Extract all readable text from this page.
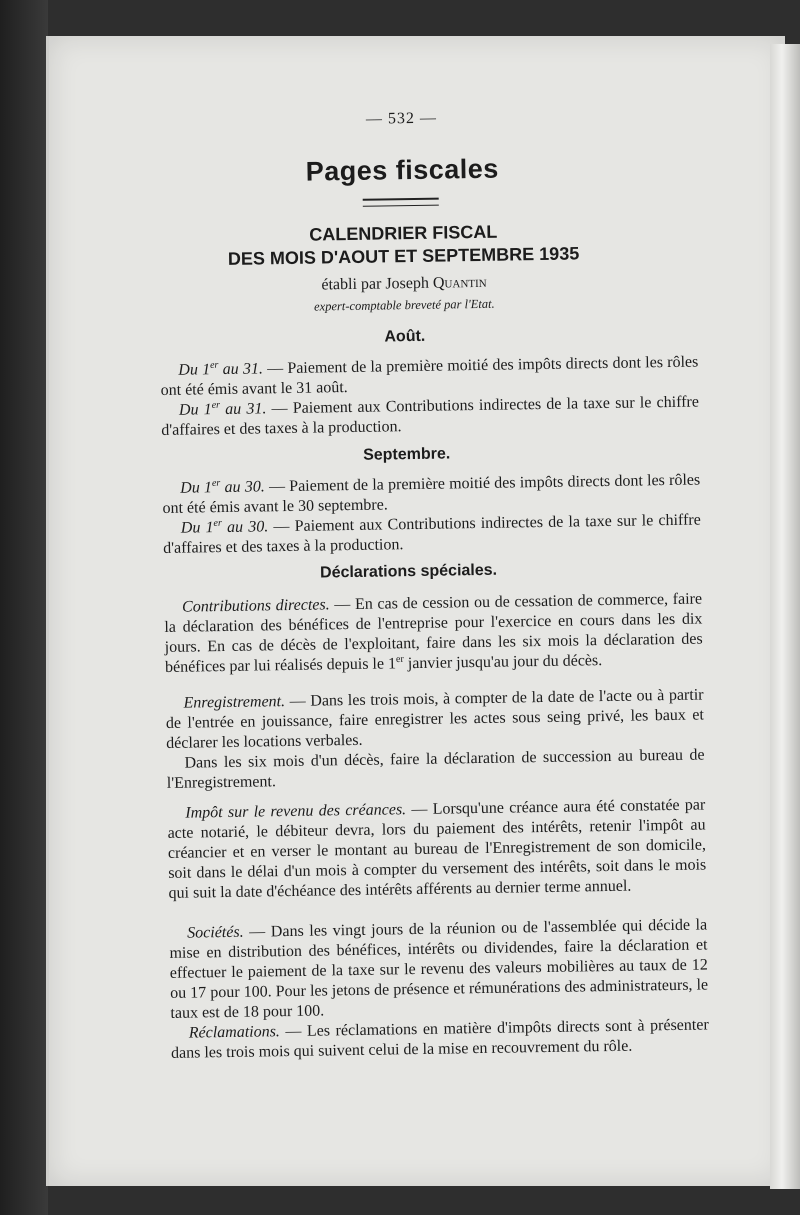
— 532 —
Pages fiscales
CALENDRIER FISCAL
DES MOIS D'AOUT ET SEPTEMBRE 1935
établi par Joseph Quantin
expert-comptable breveté par l'Etat.
Août.
Du 1er au 31. — Paiement de la première moitié des impôts directs dont les rôles ont été émis avant le 31 août.
Du 1er au 31. — Paiement aux Contributions indirectes de la taxe sur le chiffre d'affaires et des taxes à la production.
Septembre.
Du 1er au 30. — Paiement de la première moitié des impôts directs dont les rôles ont été émis avant le 30 septembre.
Du 1er au 30. — Paiement aux Contributions indirectes de la taxe sur le chiffre d'affaires et des taxes à la production.
Déclarations spéciales.
Contributions directes. — En cas de cession ou de cessation de commerce, faire la déclaration des bénéfices de l'entreprise pour l'exercice en cours dans les dix jours. En cas de décès de l'exploitant, faire dans les six mois la déclaration des bénéfices par lui réalisés depuis le 1er janvier jusqu'au jour du décès.
Enregistrement. — Dans les trois mois, à compter de la date de l'acte ou à partir de l'entrée en jouissance, faire enregistrer les actes sous seing privé, les baux et déclarer les locations verbales.
Dans les six mois d'un décès, faire la déclaration de succession au bureau de l'Enregistrement.
Impôt sur le revenu des créances. — Lorsqu'une créance aura été constatée par acte notarié, le débiteur devra, lors du paiement des intérêts, retenir l'impôt au créancier et en verser le montant au bureau de l'Enregistrement de son domicile, soit dans le délai d'un mois à compter du versement des intérêts, soit dans le mois qui suit la date d'échéance des intérêts afférents au dernier terme annuel.
Sociétés. — Dans les vingt jours de la réunion ou de l'assemblée qui décide la mise en distribution des bénéfices, intérêts ou dividendes, faire la déclaration et effectuer le paiement de la taxe sur le revenu des valeurs mobilières au taux de 12 ou 17 pour 100. Pour les jetons de présence et rémunérations des administrateurs, le taux est de 18 pour 100.
Réclamations. — Les réclamations en matière d'impôts directs sont à présenter dans les trois mois qui suivent celui de la mise en recouvrement du rôle.
